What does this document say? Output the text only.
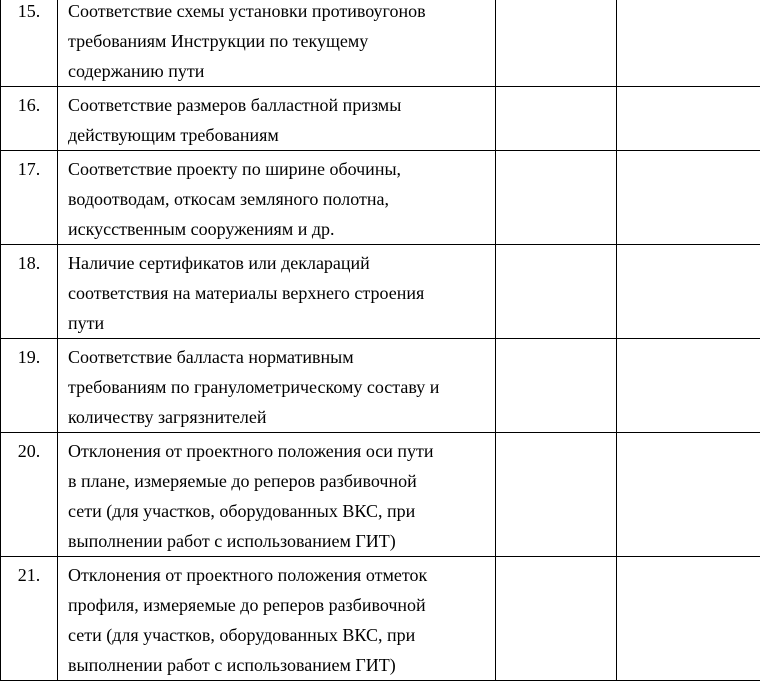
15.	Соответствие схемы установки противоугонов
требованиям Инструкции по текущему
содержанию пути		

16.	Соответствие размеров балластной призмы
действующим требованиям		

17.	Соответствие проекту по ширине обочины,
водоотводам, откосам земляного полотна,
искусственным сооружениям и др.		

18.	Наличие сертификатов или деклараций
соответствия на материалы верхнего строения
пути		

19.	Соответствие балласта нормативным
требованиям по гранулометрическому составу и
количеству загрязнителей		

20.	Отклонения от проектного положения оси пути
в плане, измеряемые до реперов разбивочной
сети (для участков, оборудованных ВКС, при
выполнении работ с использованием ГИТ)		

21.	Отклонения от проектного положения отметок
профиля, измеряемые до реперов разбивочной
сети (для участков, оборудованных ВКС, при
выполнении работ с использованием ГИТ)		
